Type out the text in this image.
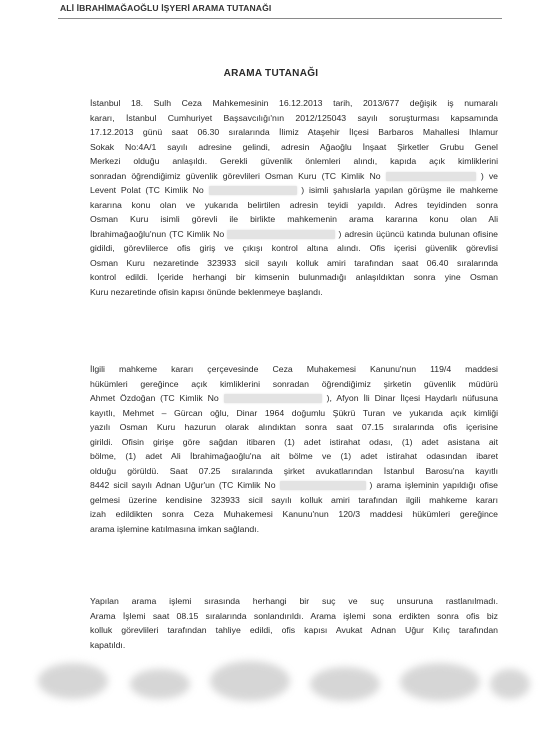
ALİ İBRAHİMAĞAOĞLU İŞYERİ ARAMA TUTANAĞI
ARAMA TUTANAĞI
İstanbul 18. Sulh Ceza Mahkemesinin 16.12.2013 tarih, 2013/677 değişik iş numaralı
kararı, İstanbul Cumhuriyet Başsavcılığı'nın 2012/125043 sayılı soruşturması kapsamında
17.12.2013 günü saat 06.30 sıralarında İlimiz Ataşehir İlçesi Barbaros Mahallesi Ihlamur
Sokak No:4A/1 sayılı adresine gelindi, adresin Ağaoğlu İnşaat Şirketler Grubu Genel
Merkezi olduğu anlaşıldı. Gerekli güvenlik önlemleri alındı, kapıda açık kimliklerini
sonradan öğrendiğimiz güvenlik görevlileri Osman Kuru (TC Kimlik No	) ve
Levent Polat (TC Kimlik No	) isimli şahıslarla yapılan görüşme ile mahkeme
kararına konu olan ve yukarıda belirtilen adresin teyidi yapıldı. Adres teyidinden sonra
Osman Kuru isimli görevli ile birlikte mahkemenin arama kararına konu olan Ali
İbrahimağaoğlu'nun (TC Kimlik No	) adresin üçüncü katında bulunan ofisine
gidildi, görevlilerce ofis giriş ve çıkışı kontrol altına alındı. Ofis içerisi güvenlik görevlisi
Osman Kuru nezaretinde 323933 sicil sayılı kolluk amiri tarafından saat 06.40 sıralarında
kontrol edildi. İçeride herhangi bir kimsenin bulunmadığı anlaşıldıktan sonra yine Osman
Kuru nezaretinde ofisin kapısı önünde beklenmeye başlandı.
İlgili mahkeme kararı çerçevesinde Ceza Muhakemesi Kanunu'nun 119/4 maddesi
hükümleri gereğince açık kimliklerini sonradan öğrendiğimiz şirketin güvenlik müdürü
Ahmet Özdoğan (TC Kimlik No	), Afyon İli Dinar İlçesi Haydarlı nüfusuna
kayıtlı, Mehmet – Gürcan oğlu, Dinar 1964 doğumlu Şükrü Turan ve yukarıda açık kimliği
yazılı Osman Kuru hazurun olarak alındıktan sonra saat 07.15 sıralarında ofis içerisine
girildi. Ofisin girişe göre sağdan itibaren (1) adet istirahat odası, (1) adet asistana ait
bölme, (1) adet Ali İbrahimağaoğlu'na ait bölme ve (1) adet istirahat odasından ibaret
olduğu görüldü. Saat 07.25 sıralarında şirket avukatlarından İstanbul Barosu'na kayıtlı
8442 sicil sayılı Adnan Uğur'un (TC Kimlik No	) arama işleminin yapıldığı ofise
gelmesi üzerine kendisine 323933 sicil sayılı kolluk amiri tarafından ilgili mahkeme kararı
izah edildikten sonra Ceza Muhakemesi Kanunu'nun 120/3 maddesi hükümleri gereğince
arama işlemine katılmasına imkan sağlandı.
Yapılan arama işlemi sırasında herhangi bir suç ve suç unsuruna rastlanılmadı.
Arama İşlemi saat 08.15 sıralarında sonlandırıldı. Arama işlemi sona erdikten sonra ofis biz
kolluk görevlileri tarafından tahliye edildi, ofis kapısı Avukat Adnan Uğur Kılıç tarafından
kapatıldı.
